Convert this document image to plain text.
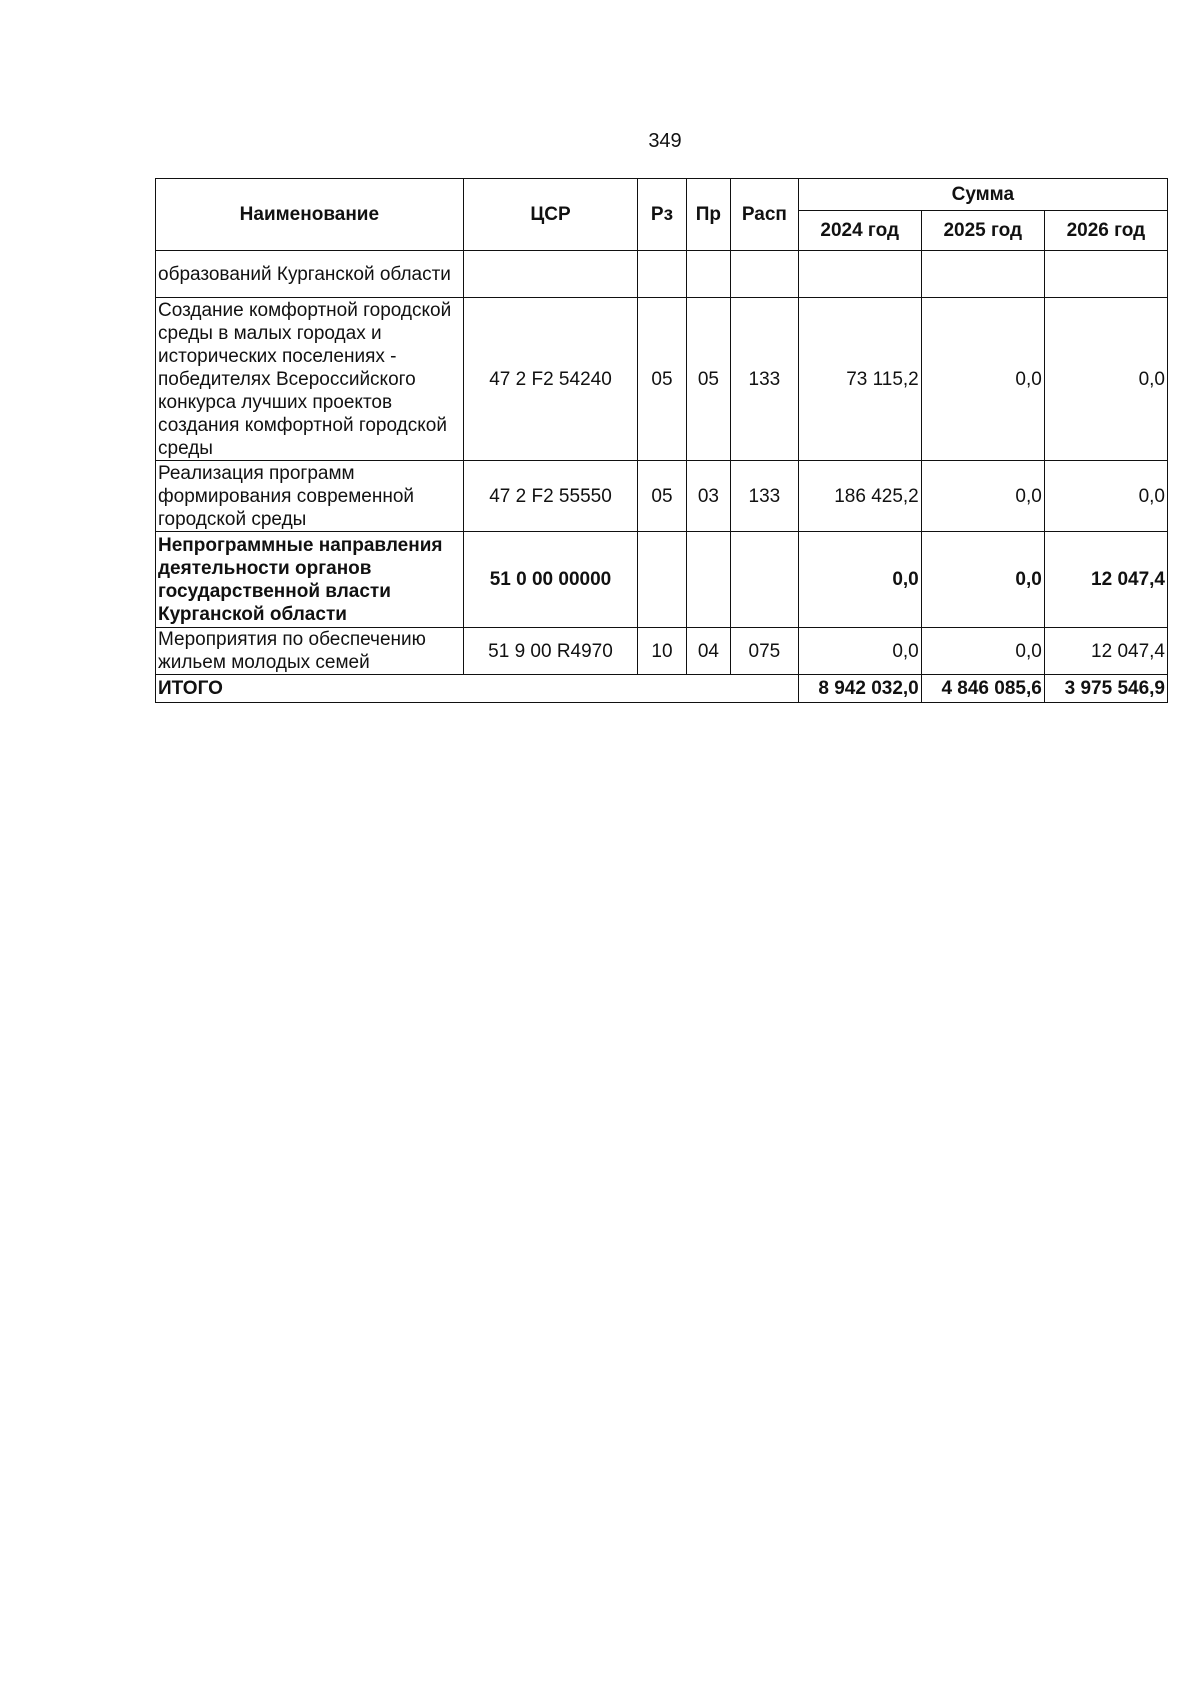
349
Наименование	ЦСР	Рз	Пр	Расп	Сумма		
					2024 год	2025 год	2026 год
образований Курганской области							
Создание комфортной городской среды в малых городах и исторических поселениях - победителях Всероссийского конкурса лучших проектов создания комфортной городской среды	47 2 F2 54240	05	05	133	73 115,2	0,0	0,0
Реализация программ формирования современной городской среды	47 2 F2 55550	05	03	133	186 425,2	0,0	0,0
Непрограммные направления деятельности органов государственной власти Курганской области	51 0 00 00000				0,0	0,0	12 047,4
Мероприятия по обеспечению жильем молодых семей	51 9 00 R4970	10	04	075	0,0	0,0	12 047,4
ИТОГО					8 942 032,0	4 846 085,6	3 975 546,9
